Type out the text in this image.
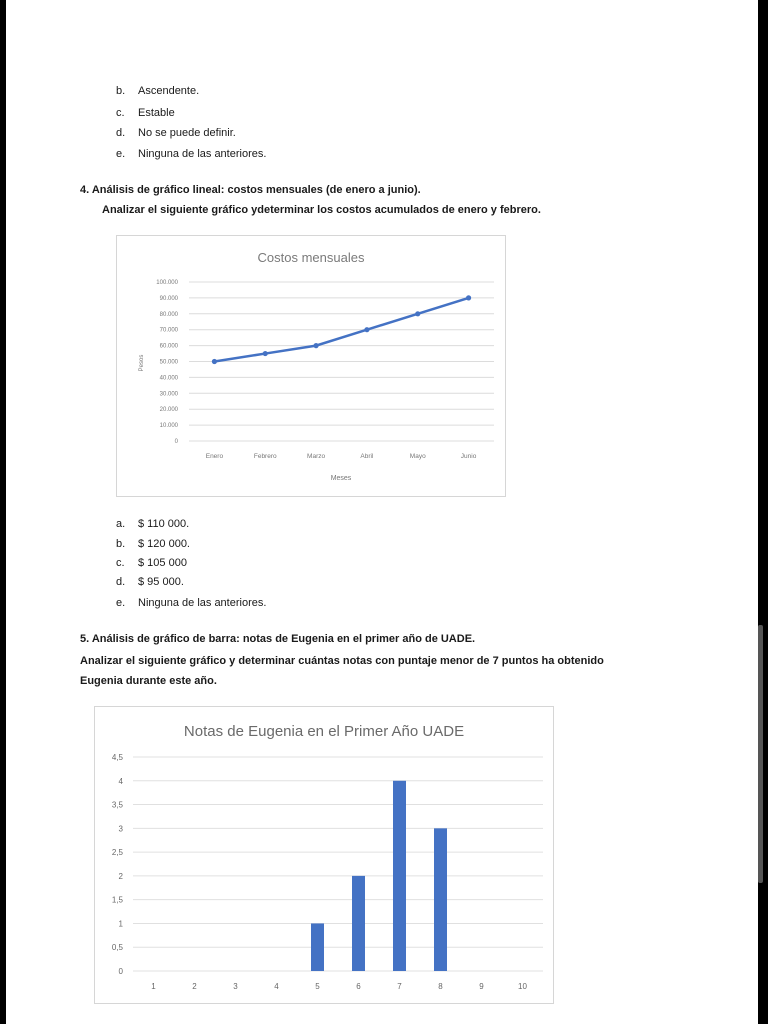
b. Ascendente.
c. Estable
d. No se puede definir.
e. Ninguna de las anteriores.
4. Análisis de gráfico lineal: costos mensuales (de enero a junio).
Analizar el siguiente gráfico ydeterminar los costos acumulados de enero y febrero.
Costos mensuales
Pesos
Meses
0
10.000
20.000
30.000
40.000
50.000
60.000
70.000
80.000
90.000
100.000
Enero	Febrero	Marzo	Abril	Mayo	Junio
a. $ 110 000.
b. $ 120 000.
c. $ 105 000
d. $ 95 000.
e. Ninguna de las anteriores.
5. Análisis de gráfico de barra: notas de Eugenia en el primer año de UADE.
Analizar el siguiente gráfico y determinar cuántas notas con puntaje menor de 7 puntos ha obtenido
Eugenia durante este año.
Notas de Eugenia en el Primer Año UADE
0
0,5
1
1,5
2
2,5
3
3,5
4
4,5
1	2	3	4	5	6	7	8	9	10
